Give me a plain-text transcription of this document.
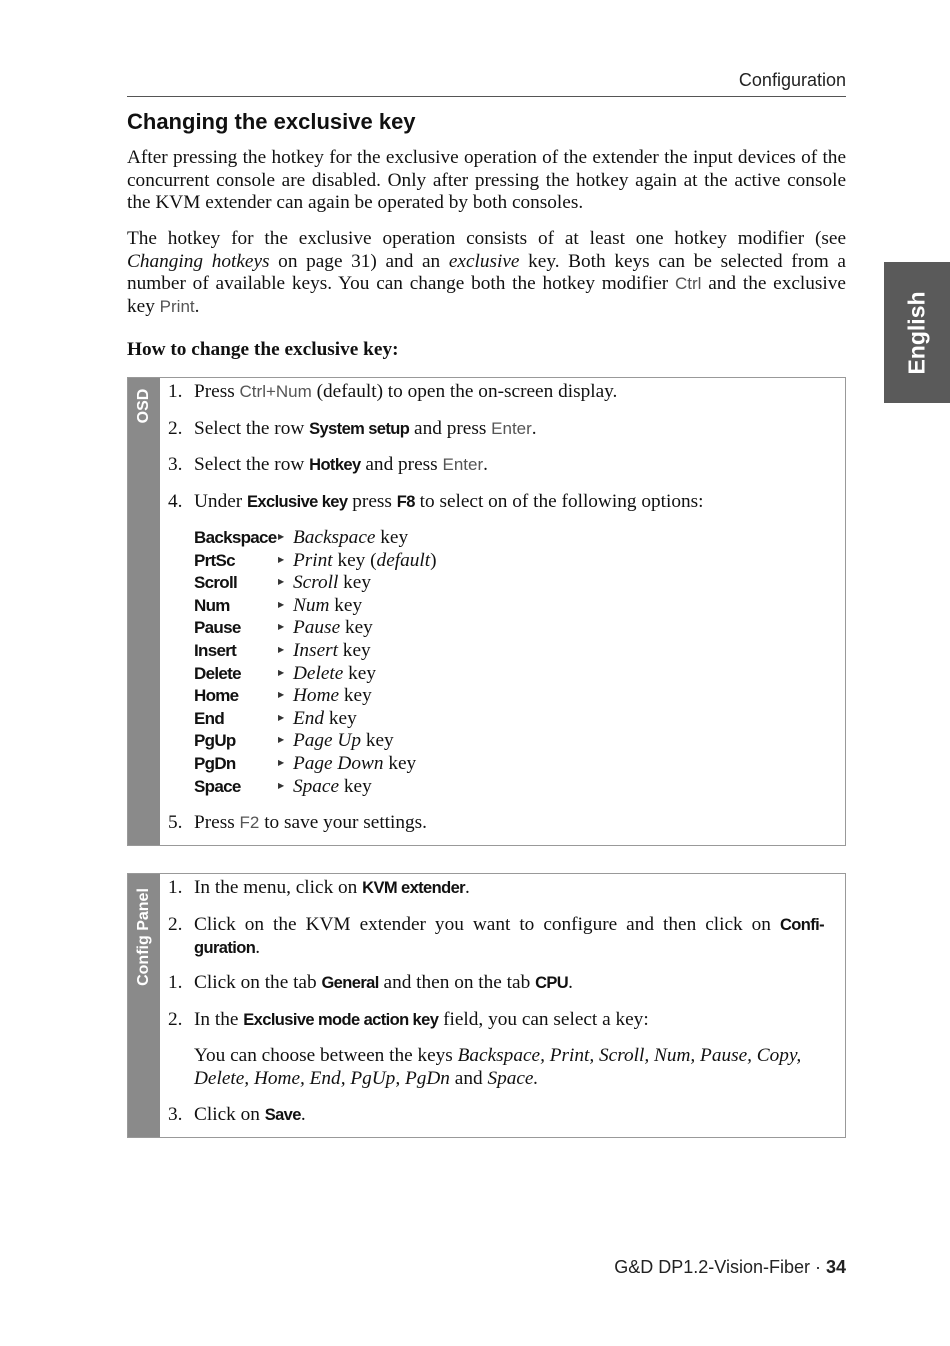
Configuration
English
Changing the exclusive key

After pressing the hotkey for the exclusive operation of the extender the input devices of the concurrent console are disabled. Only after pressing the hotkey again at the active console the KVM extender can again be operated by both consoles.

The hotkey for the exclusive operation consists of at least one hotkey modifier (see Changing hotkeys on page 31) and an exclusive key. Both keys can be selected from a number of available keys. You can change both the hotkey modifier Ctrl and the exclusive key Print.

How to change the exclusive key:
OSD 1. Press Ctrl+Num (default) to open the on-screen display.
2. Select the row System setup and press Enter.
3. Select the row Hotkey and press Enter.
4. Under Exclusive key press F8 to select on of the following options:
Backspace ▶ Backspace key
PrtSc	▶ Print key (default)
Scroll	▶ Scroll key
Num	▶ Num key
Pause	▶ Pause key
Insert	▶ Insert key
Delete	▶ Delete key
Home	▶ Home key
End	▶ End key
PgUp	▶ Page Up key
PgDn	▶ Page Down key
Space	▶ Space key
5. Press F2 to save your settings.
Config Panel
1. In the menu, click on KVM extender.
2. Click on the KVM extender you want to configure and then click on Confi-guration.
1. Click on the tab General and then on the tab CPU.
2. In the Exclusive mode action key field, you can select a key:
You can choose between the keys Backspace, Print, Scroll, Num, Pause, Copy, Delete, Home, End, PgUp, PgDn and Space.
3. Click on Save.
G&D DP1.2-Vision-Fiber · 34
